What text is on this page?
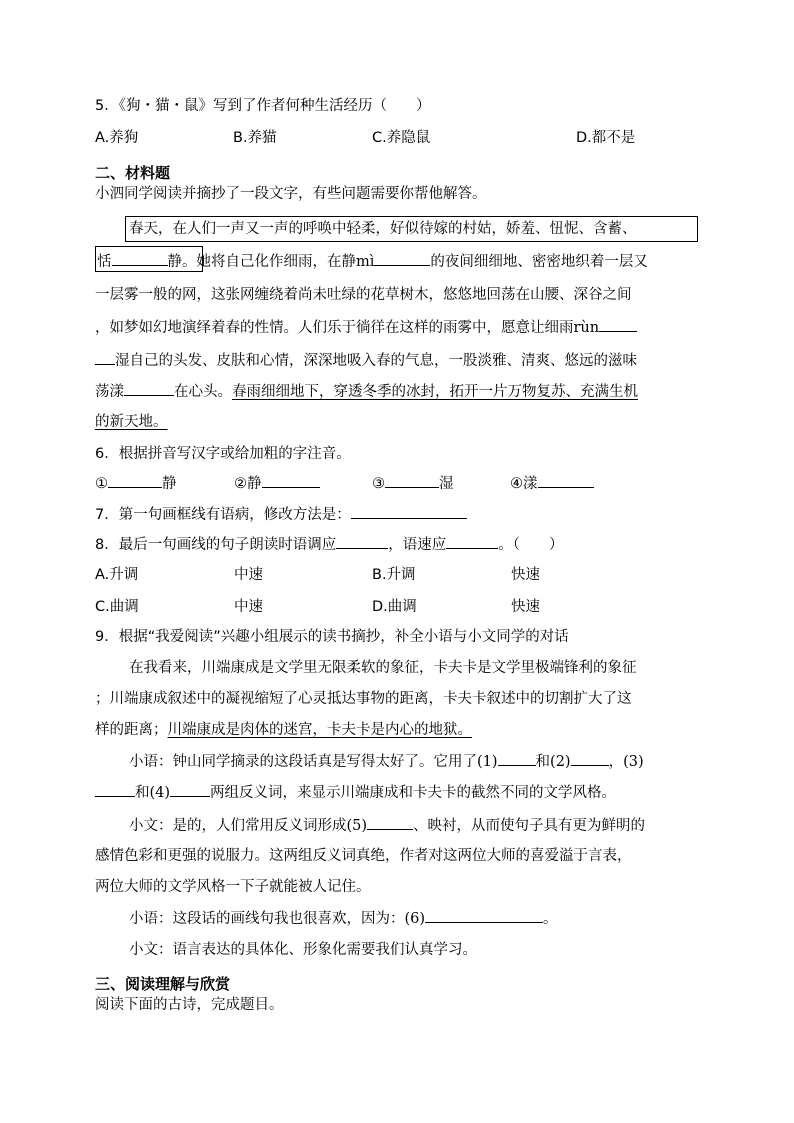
5．《狗・猫・鼠》写到了作者何种生活经历（　　）
A.养狗	B.养猫	C.养隐鼠	D.都不是
二、材料题
小泗同学阅读并摘抄了一段文字，有些问题需要你帮他解答。
春天，在人们一声又一声的呼唤中轻柔，好似待嫁的村姑，娇羞、忸怩、含蓄、
恬	静。她将自己化作细雨，在静mì	的夜间细细地、密密地织着一层又
一层雾一般的网，这张网缠绕着尚未吐绿的花草树木，悠悠地回荡在山腰、深谷之间
，如梦如幻地演绎着春的性情。人们乐于徜徉在这样的雨雾中，愿意让细雨rùn
湿自己的头发、皮肤和心情，深深地吸入春的气息，一股淡雅、清爽、悠远的滋味
荡漾	在心头。春雨细细地下，穿透冬季的冰封，拓开一片万物复苏、充满生机
的新天地。
6．根据拼音写汉字或给加粗的字注音。
①	静	②静	③	湿	④漾
7．第一句画框线有语病，修改方法是：
8．最后一句画线的句子朗读时语调应	，语速应	。（　　）
A.升调	中速	B.升调	快速
C.曲调	中速	D.曲调	快速
9．根据“我爱阅读”兴趣小组展示的读书摘抄，补全小语与小文同学的对话
在我看来，川端康成是文学里无限柔软的象征，卡夫卡是文学里极端锋利的象征
；川端康成叙述中的凝视缩短了心灵抵达事物的距离，卡夫卡叙述中的切割扩大了这
样的距离；川端康成是肉体的迷宫，卡夫卡是内心的地狱。
小语：钟山同学摘录的这段话真是写得太好了。它用了(1)	和(2)	，(3)
和(4)	两组反义词，来显示川端康成和卡夫卡的截然不同的文学风格。
小文：是的，人们常用反义词形成(5)	、映衬，从而使句子具有更为鲜明的
感情色彩和更强的说服力。这两组反义词真绝，作者对这两位大师的喜爱溢于言表，
两位大师的文学风格一下子就能被人记住。
小语：这段话的画线句我也很喜欢，因为：(6)	。
小文：语言表达的具体化、形象化需要我们认真学习。
三、阅读理解与欣赏
阅读下面的古诗，完成题目。
